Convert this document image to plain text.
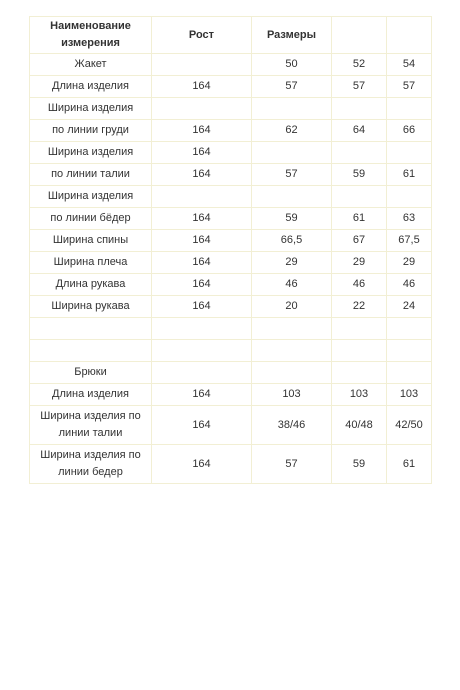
Наименование измерения	Рост	Размеры		
Жакет		50	52	54
Длина изделия	164	57	57	57
Ширина изделия				
по линии груди	164	62	64	66
Ширина изделия	164			
по линии талии	164	57	59	61
Ширина изделия				
по линии бёдер	164	59	61	63
Ширина спины	164	66,5	67	67,5
Ширина плеча	164	29	29	29
Длина рукава	164	46	46	46
Ширина рукава	164	20	22	24

Брюки				
Длина изделия	164	103	103	103
Ширина изделия по линии талии	164	38/46	40/48	42/50
Ширина изделия по линии бедер	164	57	59	61
